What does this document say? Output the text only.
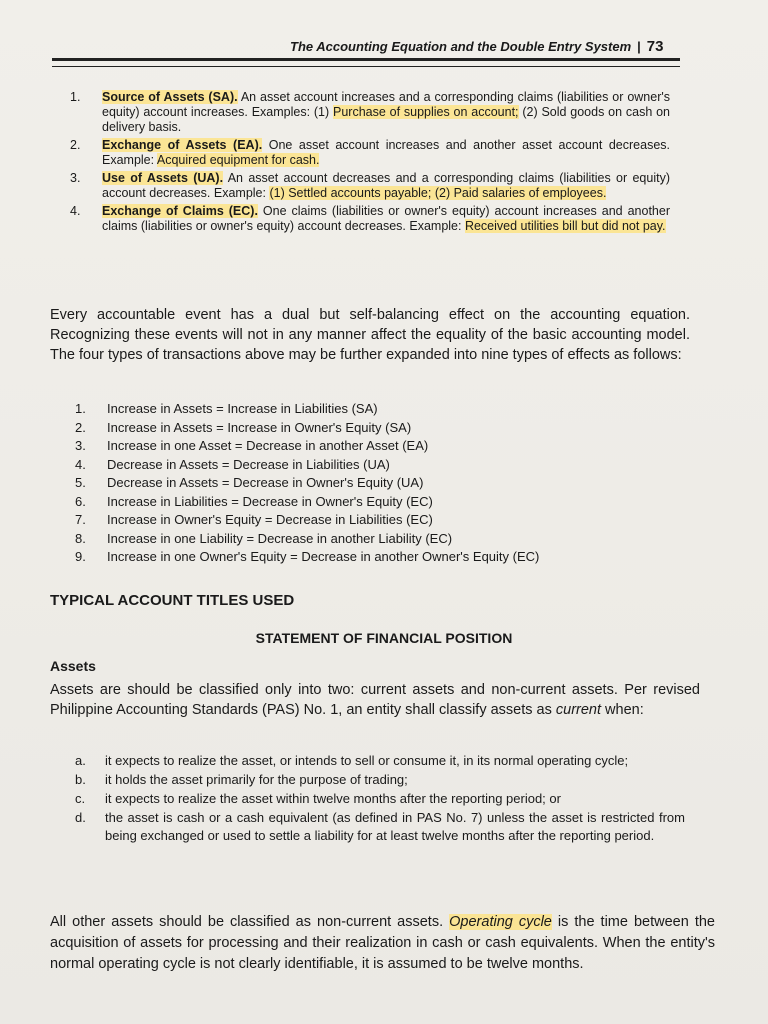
The Accounting Equation and the Double Entry System | 73
1.	Source of Assets (SA). An asset account increases and a corresponding claims (liabilities or owner's equity) account increases. Examples: (1) Purchase of supplies on account; (2) Sold goods on cash on delivery basis.
2.	Exchange of Assets (EA). One asset account increases and another asset account decreases. Example: Acquired equipment for cash.
3.	Use of Assets (UA). An asset account decreases and a corresponding claims (liabilities or equity) account decreases. Example: (1) Settled accounts payable; (2) Paid salaries of employees.
4.	Exchange of Claims (EC). One claims (liabilities or owner's equity) account increases and another claims (liabilities or owner's equity) account decreases. Example: Received utilities bill but did not pay.
Every accountable event has a dual but self-balancing effect on the accounting equation. Recognizing these events will not in any manner affect the equality of the basic accounting model. The four types of transactions above may be further expanded into nine types of effects as follows:
1.	Increase in Assets = Increase in Liabilities (SA)
2.	Increase in Assets = Increase in Owner's Equity (SA)
3.	Increase in one Asset = Decrease in another Asset (EA)
4.	Decrease in Assets = Decrease in Liabilities (UA)
5.	Decrease in Assets = Decrease in Owner's Equity (UA)
6.	Increase in Liabilities = Decrease in Owner's Equity (EC)
7.	Increase in Owner's Equity = Decrease in Liabilities (EC)
8.	Increase in one Liability = Decrease in another Liability (EC)
9.	Increase in one Owner's Equity = Decrease in another Owner's Equity (EC)
TYPICAL ACCOUNT TITLES USED
STATEMENT OF FINANCIAL POSITION
Assets
Assets are should be classified only into two: current assets and non-current assets. Per revised Philippine Accounting Standards (PAS) No. 1, an entity shall classify assets as current when:
a.	it expects to realize the asset, or intends to sell or consume it, in its normal operating cycle;
b.	it holds the asset primarily for the purpose of trading;
c.	it expects to realize the asset within twelve months after the reporting period; or
d.	the asset is cash or a cash equivalent (as defined in PAS No. 7) unless the asset is restricted from being exchanged or used to settle a liability for at least twelve months after the reporting period.
All other assets should be classified as non-current assets. Operating cycle is the time between the acquisition of assets for processing and their realization in cash or cash equivalents. When the entity's normal operating cycle is not clearly identifiable, it is assumed to be twelve months.
